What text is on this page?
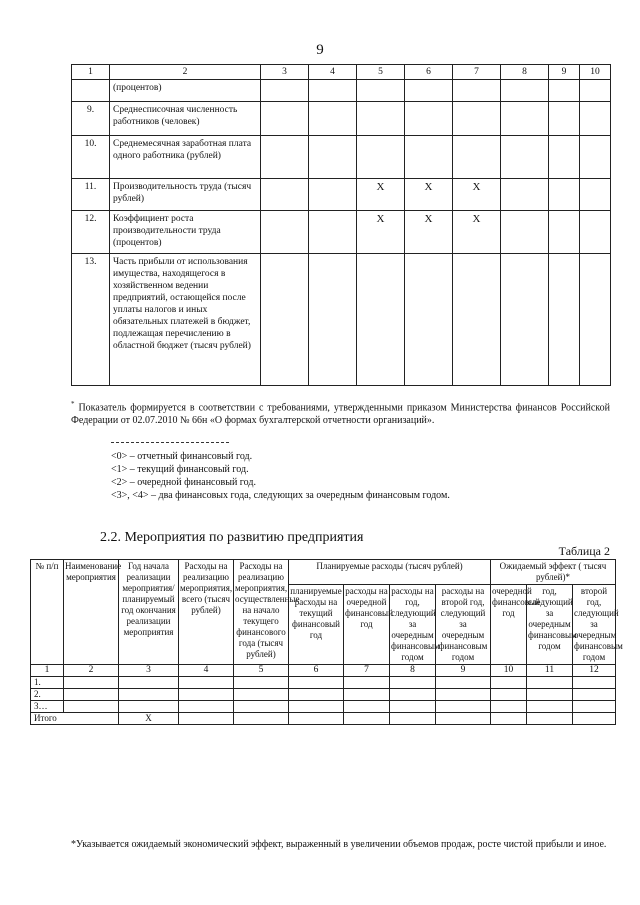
9
1	2	3	4	5	6	7	8	9	10
	(процентов)								
9.	Среднесписочная численность работников (человек)								
10.	Среднемесячная заработная плата одного работника (рублей)								
11.	Производительность труда (тысяч рублей)			X	X	X			
12.	Коэффициент роста производительности труда (процентов)			X	X	X			
13.	Часть прибыли от использования имущества, находящегося в хозяйственном ведении предприятий, остающейся после уплаты налогов и иных обязательных платежей в бюджет, подлежащая перечислению в областной бюджет (тысяч рублей)								
* Показатель формируется в соответствии с требованиями, утвержденными приказом Министерства финансов Российской Федерации от 02.07.2010 № 66н «О формах бухгалтерской отчетности организаций».
<0> – отчетный финансовый год.
<1> – текущий финансовый год.
<2> – очередной финансовый год.
<3>, <4> – два финансовых года, следующих за очередным финансовым годом.
2.2. Мероприятия по развитию предприятия
Таблица 2
№ п/п	Наименование мероприятия	Год начала реализации мероприятия/ планируемый год окончания реализации мероприятия	Расходы на реализацию мероприятия, всего (тысяч рублей)	Расходы на реализацию мероприятия, осуществленные на начало текущего финансового года (тысяч рублей)	Планируемые расходы (тысяч рублей)				Ожидаемый эффект ( тысяч рублей)*		
					планируемые расходы на текущий финансовый год	расходы на очередной финансовый год	расходы на год, следующий за очередным финансовым годом	расходы на второй год, следующий за очередным финансовым годом	очередной финансовый год	год, следующий за очередным финансовым годом	второй год, следующий за очередным финансовым годом
1	2	3	4	5	6	7	8	9	10	11	12
1.											
2.											
3…											
Итого		Х									
*Указывается ожидаемый экономический эффект, выраженный в увеличении объемов продаж, росте чистой прибыли и иное.
